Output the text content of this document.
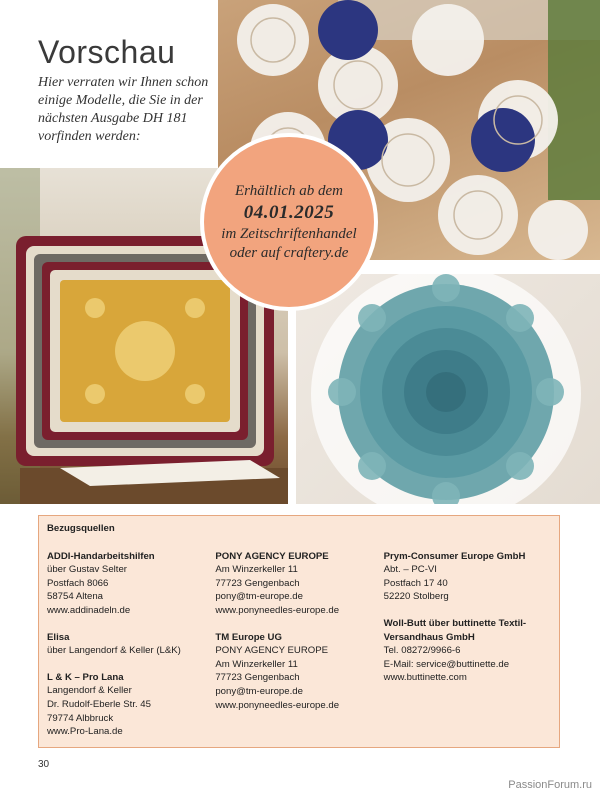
Vorschau

Hier verraten wir Ihnen schon einige Modelle, die Sie in der nächsten Ausgabe DH 181 vorfinden werden:

Erhältlich ab dem
04.01.2025
im Zeitschriftenhandel
oder auf craftery.de
Bezugsquellen
ADDI-Handarbeitshilfen
über Gustav Selter
Postfach 8066
58754 Altena
www.addinadeln.de
Elisa
über Langendorf & Keller (L&K)
L & K – Pro Lana
Langendorf & Keller
Dr. Rudolf-Eberle Str. 45
79774 Albbruck
www.Pro-Lana.de
PONY AGENCY EUROPE
Am Winzerkeller 11
77723 Gengenbach
pony@tm-europe.de
www.ponyneedles-europe.de
TM Europe UG
PONY AGENCY EUROPE
Am Winzerkeller 11
77723 Gengenbach
pony@tm-europe.de
www.ponyneedles-europe.de
Prym-Consumer Europe GmbH
Abt. – PC-VI
Postfach 17 40
52220 Stolberg
Woll-Butt über buttinette Textil-Versandhaus GmbH
Tel. 08272/9966-6
E-Mail: service@buttinette.de
www.buttinette.com
30
PassionForum.ru
